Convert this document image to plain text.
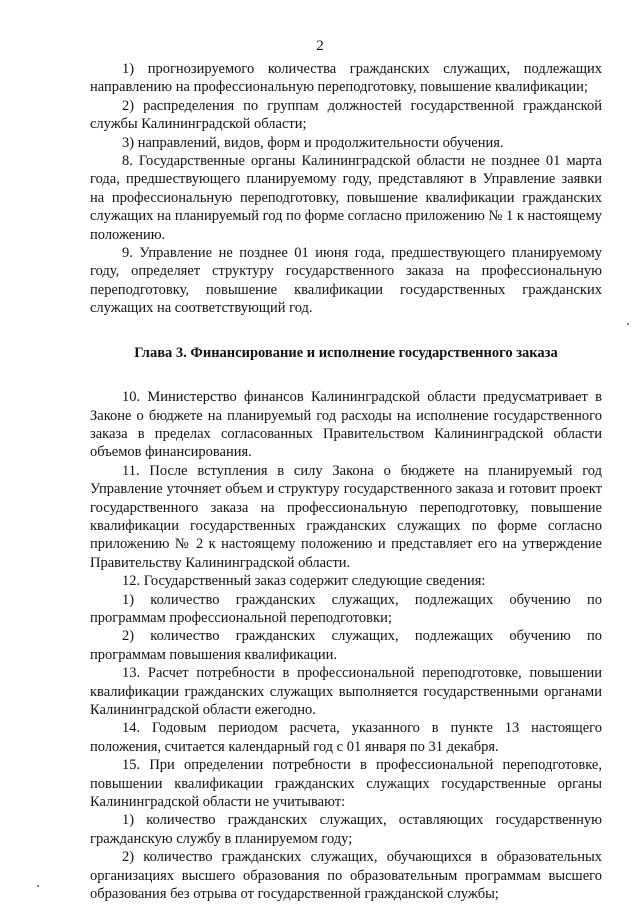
2

1) прогнозируемого количества гражданских служащих, подлежащих направлению на профессиональную переподготовку, повышение квалификации;

2) распределения по группам должностей государственной гражданской службы Калининградской области;

3) направлений, видов, форм и продолжительности обучения.

8. Государственные органы Калининградской области не позднее 01 марта года, предшествующего планируемому году, представляют в Управление заявки на профессиональную переподготовку, повышение квалификации гражданских служащих на планируемый год по форме согласно приложению № 1 к настоящему положению.

9. Управление не позднее 01 июня года, предшествующего планируемому году, определяет структуру государственного заказа на профессиональную переподготовку, повышение квалификации государственных гражданских служащих на соответствующий год.

Глава 3. Финансирование и исполнение государственного заказа

10. Министерство финансов Калининградской области предусматривает в Законе о бюджете на планируемый год расходы на исполнение государственного заказа в пределах согласованных Правительством Калининградской области объемов финансирования.

11. После вступления в силу Закона о бюджете на планируемый год Управление уточняет объем и структуру государственного заказа и готовит проект государственного заказа на профессиональную переподготовку, повышение квалификации государственных гражданских служащих по форме согласно приложению № 2 к настоящему положению и представляет его на утверждение Правительству Калининградской области.

12. Государственный заказ содержит следующие сведения:

1) количество гражданских служащих, подлежащих обучению по программам профессиональной переподготовки;

2) количество гражданских служащих, подлежащих обучению по программам повышения квалификации.

13. Расчет потребности в профессиональной переподготовке, повышении квалификации гражданских служащих выполняется государственными органами Калининградской области ежегодно.

14. Годовым периодом расчета, указанного в пункте 13 настоящего положения, считается календарный год с 01 января по 31 декабря.

15. При определении потребности в профессиональной переподготовке, повышении квалификации гражданских служащих государственные органы Калининградской области не учитывают:

1) количество гражданских служащих, оставляющих государственную гражданскую службу в планируемом году;

2) количество гражданских служащих, обучающихся в образовательных организациях высшего образования по образовательным программам высшего образования без отрыва от государственной гражданской службы;
